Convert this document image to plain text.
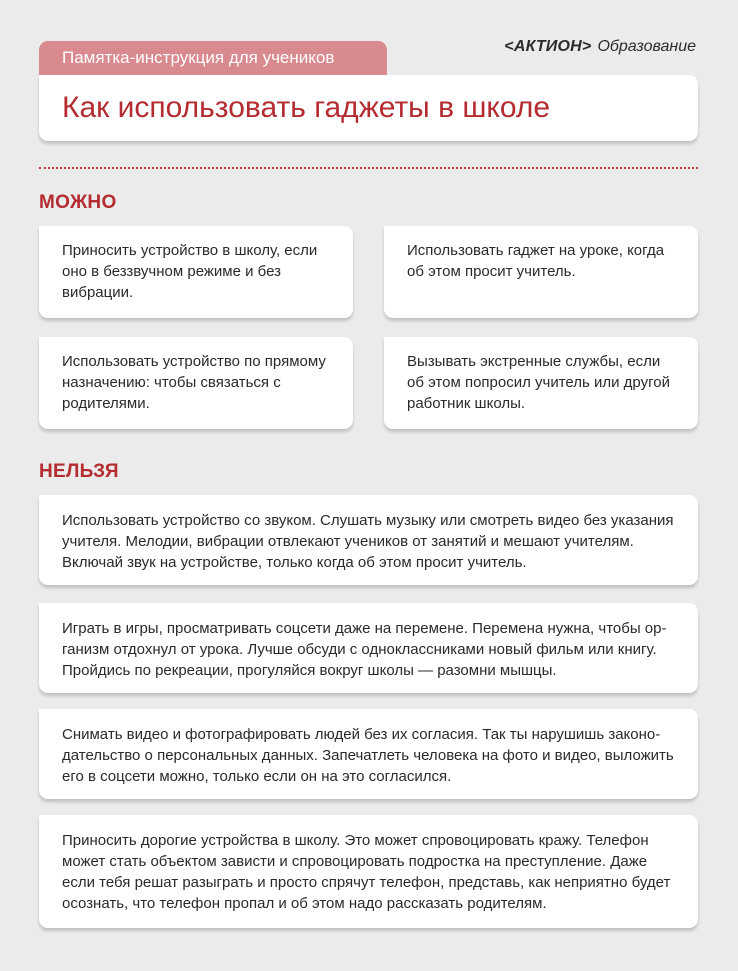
Памятка-инструкция для учеников
<АКТИОН> Образование
Как использовать гаджеты в школе
МОЖНО

Приносить устройство в школу, если оно в беззвучном режиме и без вибрации.

Использовать гаджет на уроке, когда об этом просит учитель.

Использовать устройство по прямому назначению: чтобы связаться с родителями.

Вызывать экстренные службы, если об этом попросил учитель или другой работник школы.

НЕЛЬЗЯ

Использовать устройство со звуком. Слушать музыку или смотреть видео без указания учителя. Мелодии, вибрации отвлекают учеников от занятий и мешают учителям. Включай звук на устройстве, только когда об этом просит учитель.

Играть в игры, просматривать соцсети даже на перемене. Перемена нужна, чтобы организм отдохнул от урока. Лучше обсуди с одноклассниками новый фильм или книгу. Пройдись по рекреации, прогуляйся вокруг школы — разомни мышцы.

Снимать видео и фотографировать людей без их согласия. Так ты нарушишь законодательство о персональных данных. Запечатлеть человека на фото и видео, выложить его в соцсети можно, только если он на это согласился.

Приносить дорогие устройства в школу. Это может спровоцировать кражу. Телефон может стать объектом зависти и спровоцировать подростка на преступление. Даже если тебя решат разыграть и просто спрячут телефон, представь, как неприятно будет осознать, что телефон пропал и об этом надо рассказать родителям.
